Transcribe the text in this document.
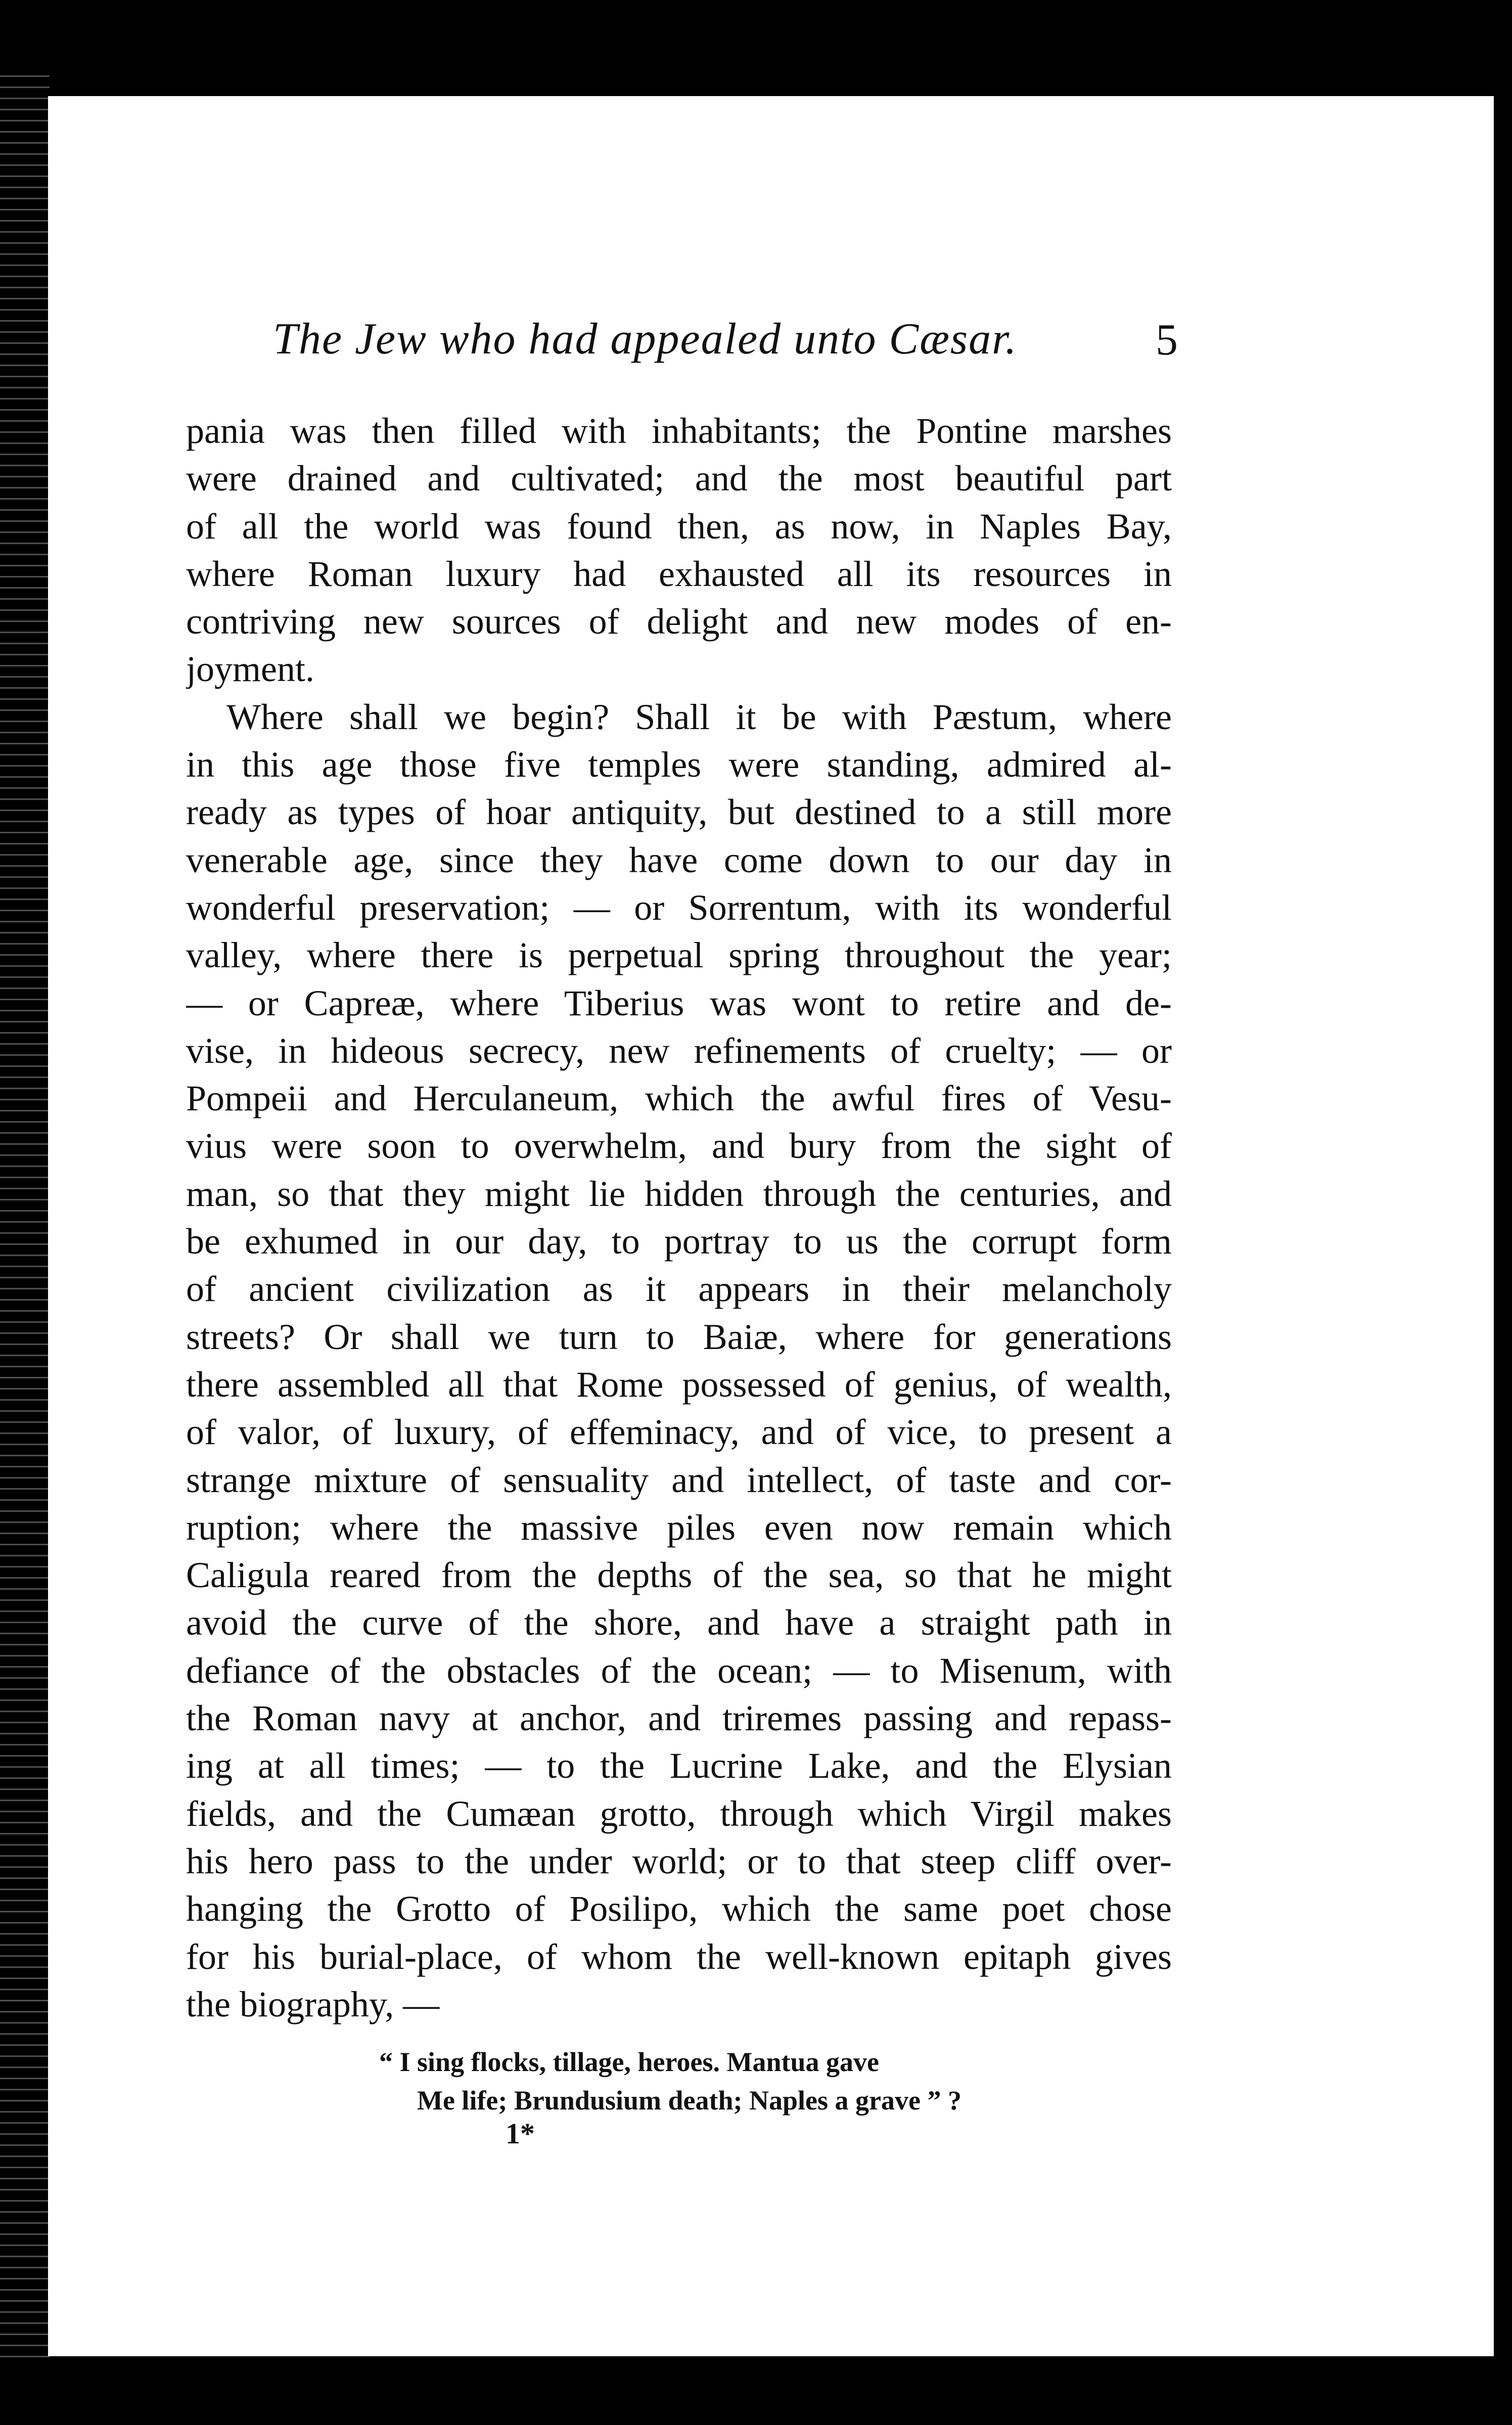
The Jew who had appealed unto Cæsar.	5
pania was then filled with inhabitants; the Pontine marshes
were drained and cultivated; and the most beautiful part
of all the world was found then, as now, in Naples Bay,
where Roman luxury had exhausted all its resources in
contriving new sources of delight and new modes of en-
joyment.
Where shall we begin? Shall it be with Pæstum, where
in this age those five temples were standing, admired al-
ready as types of hoar antiquity, but destined to a still more
venerable age, since they have come down to our day in
wonderful preservation; — or Sorrentum, with its wonderful
valley, where there is perpetual spring throughout the year;
— or Capreæ, where Tiberius was wont to retire and de-
vise, in hideous secrecy, new refinements of cruelty; — or
Pompeii and Herculaneum, which the awful fires of Vesu-
vius were soon to overwhelm, and bury from the sight of
man, so that they might lie hidden through the centuries, and
be exhumed in our day, to portray to us the corrupt form
of ancient civilization as it appears in their melancholy
streets? Or shall we turn to Baiæ, where for generations
there assembled all that Rome possessed of genius, of wealth,
of valor, of luxury, of effeminacy, and of vice, to present a
strange mixture of sensuality and intellect, of taste and cor-
ruption; where the massive piles even now remain which
Caligula reared from the depths of the sea, so that he might
avoid the curve of the shore, and have a straight path in
defiance of the obstacles of the ocean; — to Misenum, with
the Roman navy at anchor, and triremes passing and repass-
ing at all times; — to the Lucrine Lake, and the Elysian
fields, and the Cumæan grotto, through which Virgil makes
his hero pass to the under world; or to that steep cliff over-
hanging the Grotto of Posilipo, which the same poet chose
for his burial-place, of whom the well-known epitaph gives
the biography, —
“ I sing flocks, tillage, heroes. Mantua gave
Me life; Brundusium death; Naples a grave ” ?
1*
